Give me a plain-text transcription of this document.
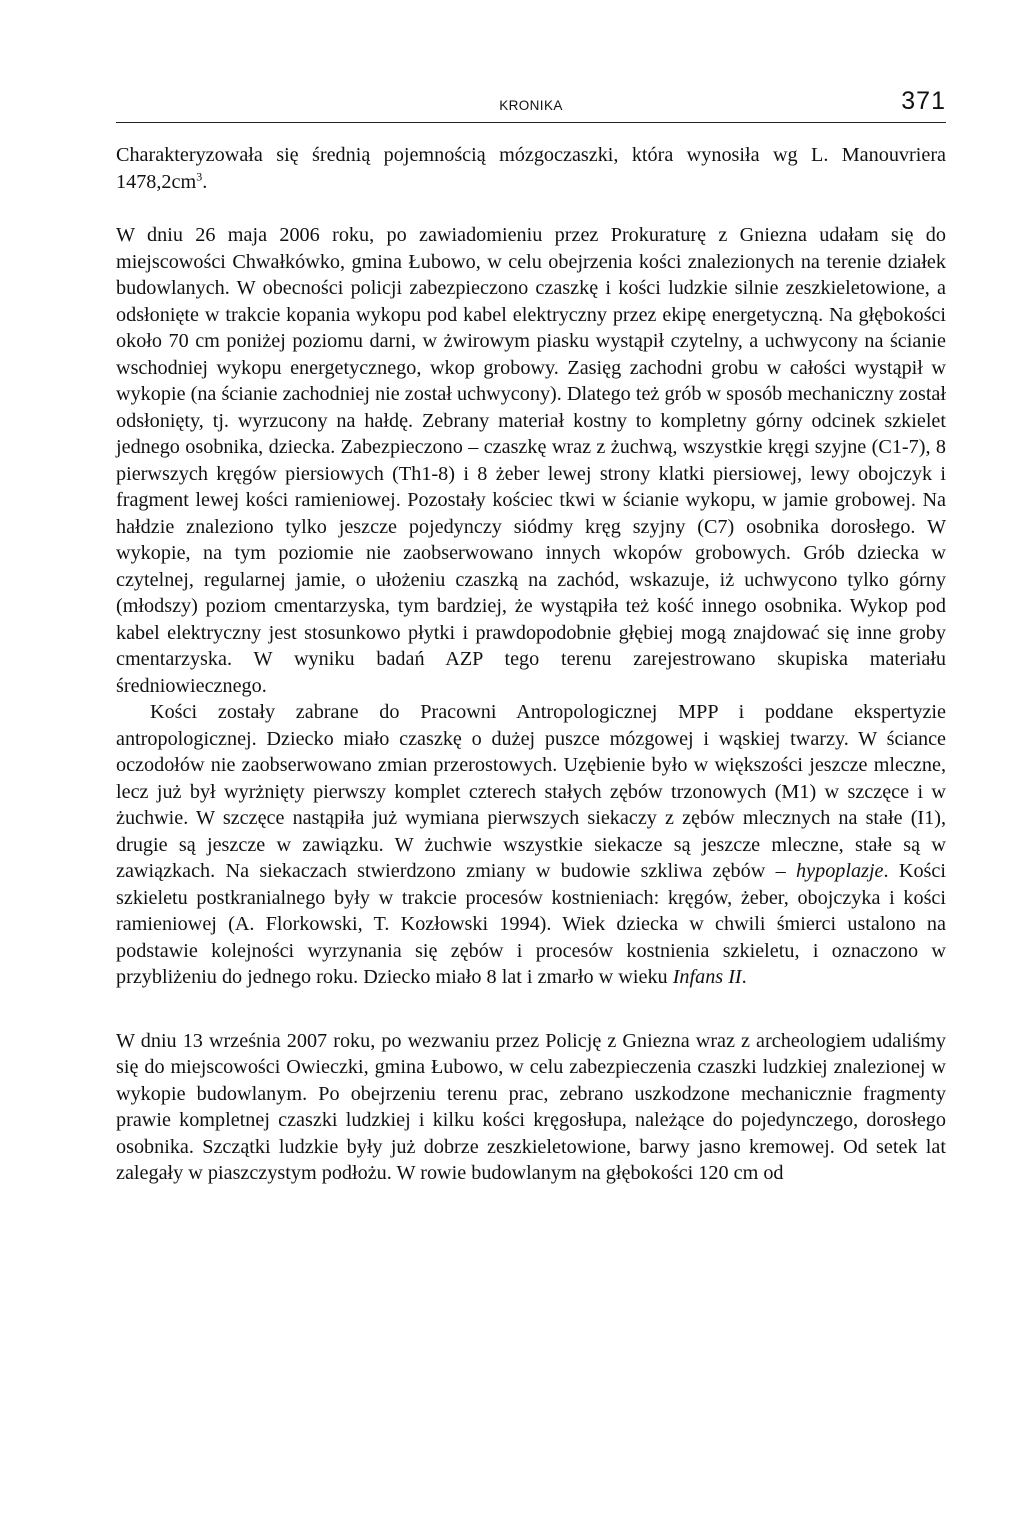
KRONIKA	371

Charakteryzowała się średnią pojemnością mózgoczaszki, która wynosiła wg L. Manouvriera $1478,2cm^3$.

W dniu 26 maja 2006 roku, po zawiadomieniu przez Prokuraturę z Gniezna udałam się do miejscowości Chwałkówko, gmina Łubowo, w celu obejrzenia kości znalezionych na terenie działek budowlanych. W obecności policji zabezpieczono czaszkę i kości ludzkie silnie zeszkieletowione, a odsłonięte w trakcie kopania wykopu pod kabel elektryczny przez ekipę energetyczną. Na głębokości około 70 cm poniżej poziomu darni, w żwirowym piasku wystąpił czytelny, a uchwycony na ścianie wschodniej wykopu energetycznego, wkop grobowy. Zasięg zachodni grobu w całości wystąpił w wykopie (na ścianie zachodniej nie został uchwycony). Dlatego też grób w sposób mechaniczny został odsłonięty, tj. wyrzucony na hałdę. Zebrany materiał kostny to kompletny górny odcinek szkielet jednego osobnika, dziecka. Zabezpieczono – czaszkę wraz z żuchwą, wszystkie kręgi szyjne (C1-7), 8 pierwszych kręgów piersiowych (Th1-8) i 8 żeber lewej strony klatki piersiowej, lewy obojczyk i fragment lewej kości ramieniowej. Pozostały kościec tkwi w ścianie wykopu, w jamie grobowej. Na hałdzie znaleziono tylko jeszcze pojedynczy siódmy kręg szyjny (C7) osobnika dorosłego. W wykopie, na tym poziomie nie zaobserwowano innych wkopów grobowych. Grób dziecka w czytelnej, regularnej jamie, o ułożeniu czaszką na zachód, wskazuje, iż uchwycono tylko górny (młodszy) poziom cmentarzyska, tym bardziej, że wystąpiła też kość innego osobnika. Wykop pod kabel elektryczny jest stosunkowo płytki i prawdopodobnie głębiej mogą znajdować się inne groby cmentarzyska. W wyniku badań AZP tego terenu zarejestrowano skupiska materiału średniowiecznego.

Kości zostały zabrane do Pracowni Antropologicznej MPP i poddane ekspertyzie antropologicznej. Dziecko miało czaszkę o dużej puszce mózgowej i wąskiej twarzy. W ściance oczodołów nie zaobserwowano zmian przerostowych. Uzębienie było w większości jeszcze mleczne, lecz już był wyrżnięty pierwszy komplet czterech stałych zębów trzonowych (M1) w szczęce i w żuchwie. W szczęce nastąpiła już wymiana pierwszych siekaczy z zębów mlecznych na stałe (I1), drugie są jeszcze w zawiązku. W żuchwie wszystkie siekacze są jeszcze mleczne, stałe są w zawiązkach. Na siekaczach stwierdzono zmiany w budowie szkliwa zębów – hypoplazje. Kości szkieletu postkranialnego były w trakcie procesów kostnieniach: kręgów, żeber, obojczyka i kości ramieniowej (A. Florkowski, T. Kozłowski 1994). Wiek dziecka w chwili śmierci ustalono na podstawie kolejności wyrzynania się zębów i procesów kostnienia szkieletu, i oznaczono w przybliżeniu do jednego roku. Dziecko miało 8 lat i zmarło w wieku Infans II.

W dniu 13 września 2007 roku, po wezwaniu przez Policję z Gniezna wraz z archeologiem udaliśmy się do miejscowości Owieczki, gmina Łubowo, w celu zabezpieczenia czaszki ludzkiej znalezionej w wykopie budowlanym. Po obejrzeniu terenu prac, zebrano uszkodzone mechanicznie fragmenty prawie kompletnej czaszki ludzkiej i kilku kości kręgosłupa, należące do pojedynczego, dorosłego osobnika. Szczątki ludzkie były już dobrze zeszkieletowione, barwy jasno kremowej. Od setek lat zalegały w piaszczystym podłożu. W rowie budowlanym na głębokości 120 cm od
